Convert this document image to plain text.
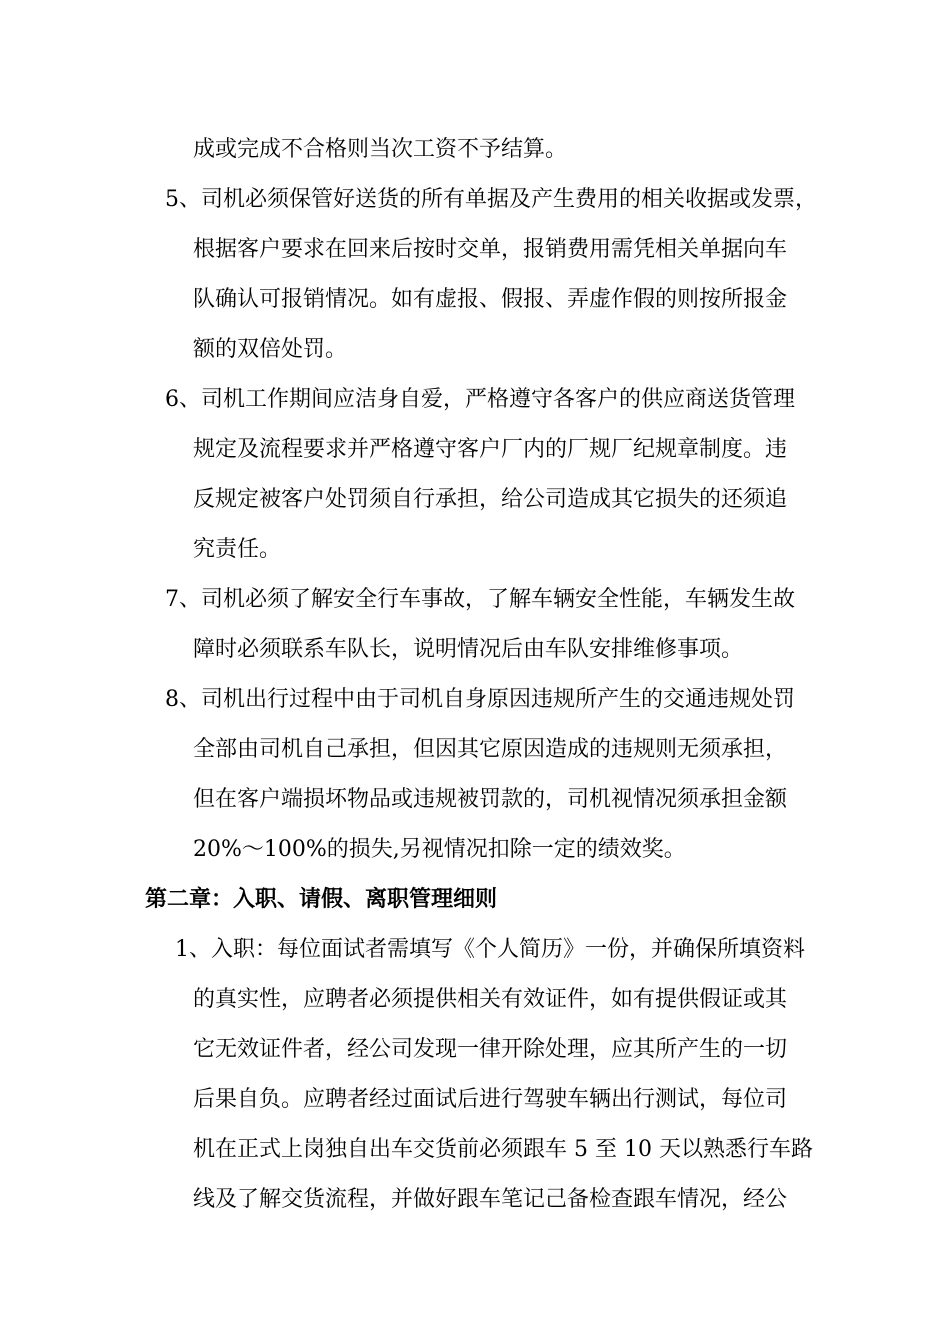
成或完成不合格则当次工资不予结算。
5、司机必须保管好送货的所有单据及产生费用的相关收据或发票，
根据客户要求在回来后按时交单，报销费用需凭相关单据向车
队确认可报销情况。如有虚报、假报、弄虚作假的则按所报金
额的双倍处罚。
6、司机工作期间应洁身自爱，严格遵守各客户的供应商送货管理
规定及流程要求并严格遵守客户厂内的厂规厂纪规章制度。违
反规定被客户处罚须自行承担，给公司造成其它损失的还须追
究责任。
7、司机必须了解安全行车事故，了解车辆安全性能，车辆发生故
障时必须联系车队长，说明情况后由车队安排维修事项。
8、司机出行过程中由于司机自身原因违规所产生的交通违规处罚
全部由司机自己承担，但因其它原因造成的违规则无须承担，
但在客户端损坏物品或违规被罚款的，司机视情况须承担金额
20%～100%的损失,另视情况扣除一定的绩效奖。
第二章：入职、请假、离职管理细则
1、入职：每位面试者需填写《个人简历》一份，并确保所填资料
的真实性，应聘者必须提供相关有效证件，如有提供假证或其
它无效证件者，经公司发现一律开除处理，应其所产生的一切
后果自负。应聘者经过面试后进行驾驶车辆出行测试，每位司
机在正式上岗独自出车交货前必须跟车 5 至 10 天以熟悉行车路
线及了解交货流程，并做好跟车笔记己备检查跟车情况，经公
